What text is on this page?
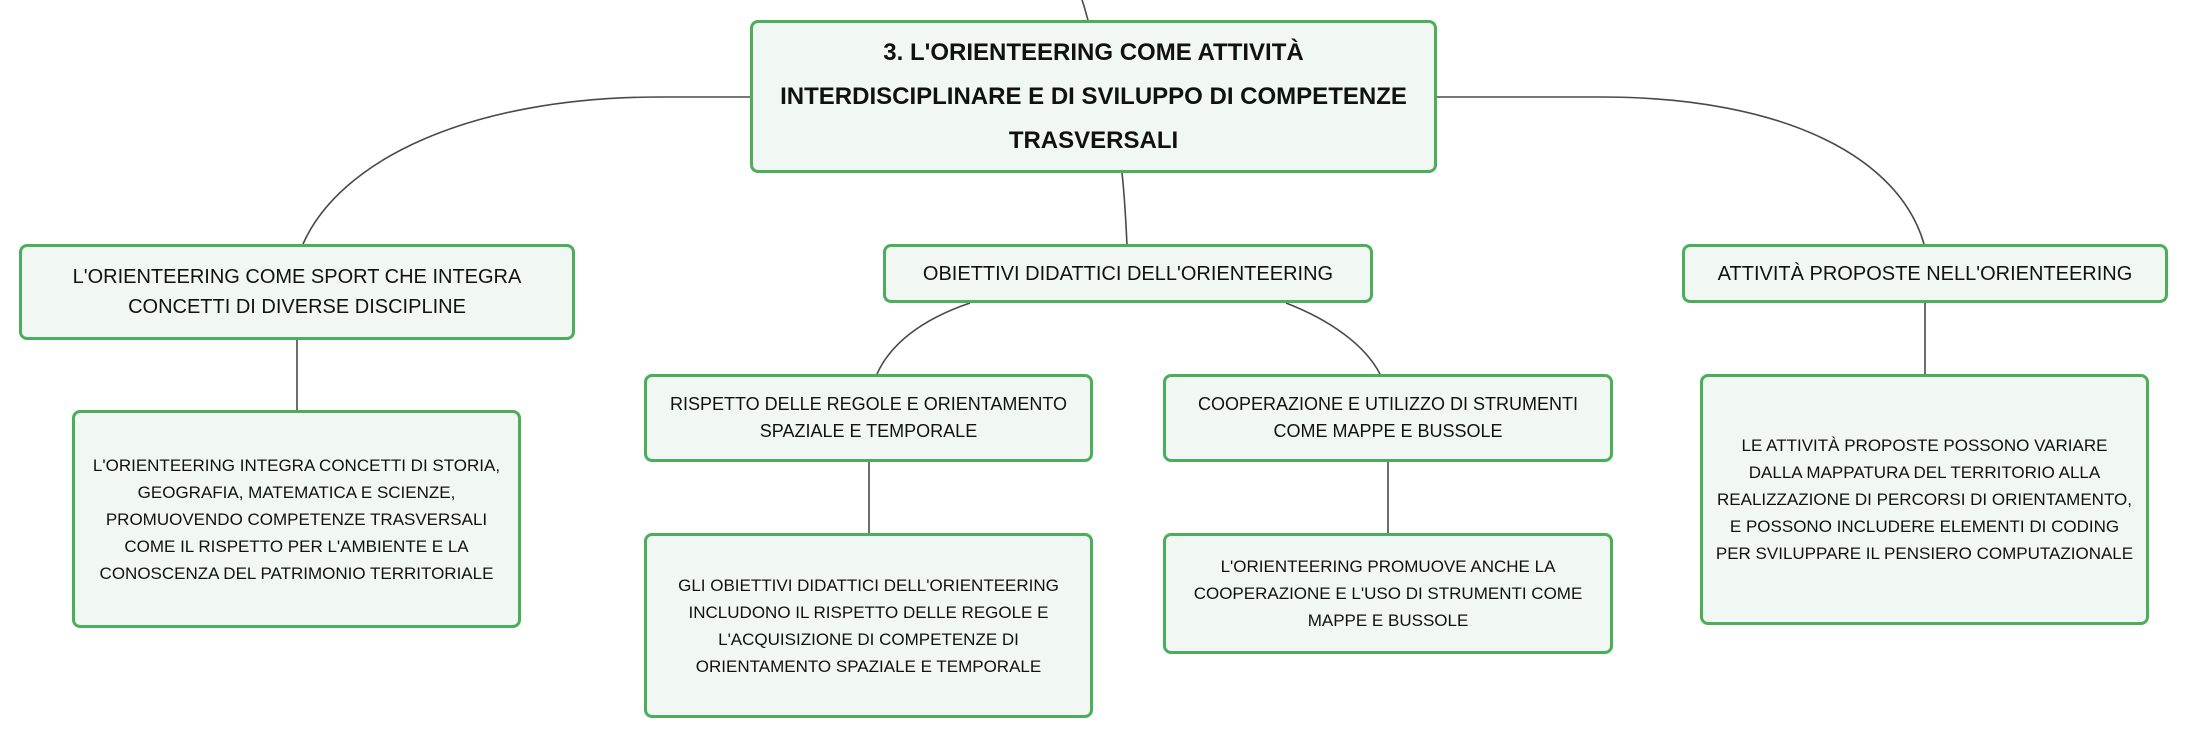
3. L'ORIENTEERING COME ATTIVITÀ INTERDISCIPLINARE E DI SVILUPPO DI COMPETENZE TRASVERSALI
L'ORIENTEERING COME SPORT CHE INTEGRA CONCETTI DI DIVERSE DISCIPLINE
OBIETTIVI DIDATTICI DELL'ORIENTEERING	ATTIVITÀ PROPOSTE NELL'ORIENTEERING
L'ORIENTEERING INTEGRA CONCETTI DI STORIA, GEOGRAFIA, MATEMATICA E SCIENZE, PROMUOVENDO COMPETENZE TRASVERSALI COME IL RISPETTO PER L'AMBIENTE E LA CONOSCENZA DEL PATRIMONIO TERRITORIALE
RISPETTO DELLE REGOLE E ORIENTAMENTO SPAZIALE E TEMPORALE
COOPERAZIONE E UTILIZZO DI STRUMENTI COME MAPPE E BUSSOLE
GLI OBIETTIVI DIDATTICI DELL'ORIENTEERING INCLUDONO IL RISPETTO DELLE REGOLE E L'ACQUISIZIONE DI COMPETENZE DI ORIENTAMENTO SPAZIALE E TEMPORALE
L'ORIENTEERING PROMUOVE ANCHE LA COOPERAZIONE E L'USO DI STRUMENTI COME MAPPE E BUSSOLE
LE ATTIVITÀ PROPOSTE POSSONO VARIARE DALLA MAPPATURA DEL TERRITORIO ALLA REALIZZAZIONE DI PERCORSI DI ORIENTAMENTO, E POSSONO INCLUDERE ELEMENTI DI CODING PER SVILUPPARE IL PENSIERO COMPUTAZIONALE
